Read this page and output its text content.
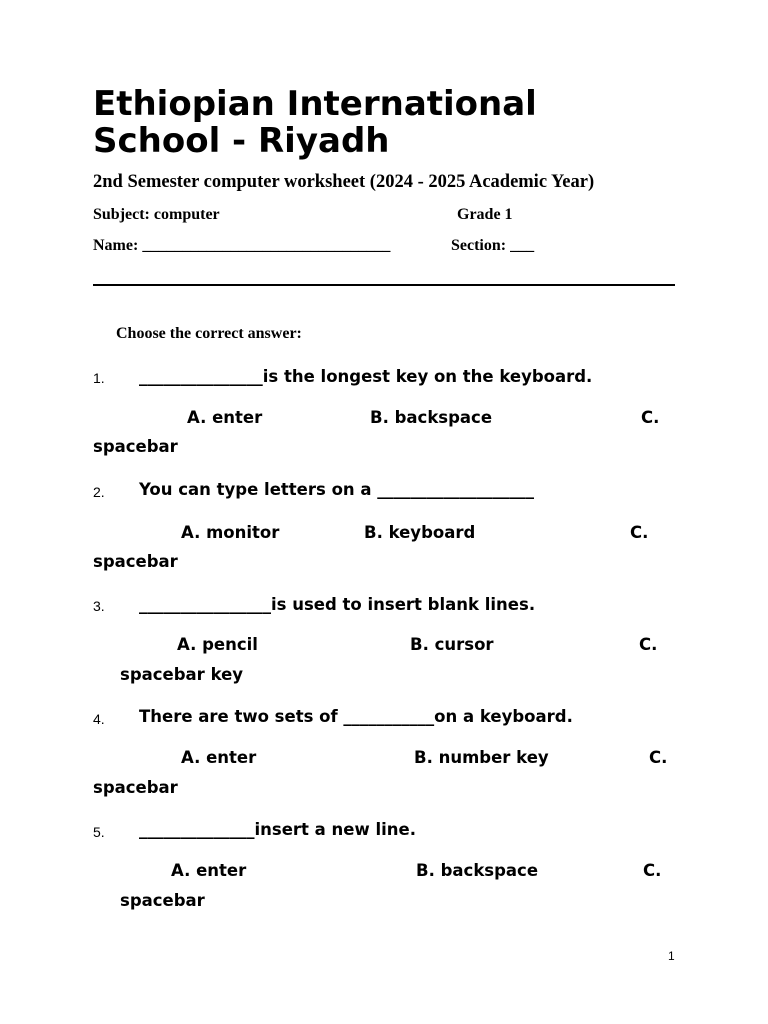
Ethiopian International School - Riyadh
2nd Semester computer worksheet (2024 - 2025 Academic Year)
Subject: computer	Grade 1
Name: _______________________________	Section: ___
Choose the correct answer:
1. _______________is the longest key on the keyboard.
A. enter	B. backspace	C.
spacebar
2. You can type letters on a ___________________
A. monitor	B. keyboard	C.
spacebar
3. ________________is used to insert blank lines.
A. pencil	B. cursor	C.
spacebar key
4. There are two sets of ___________on a keyboard.
A. enter	B. number key	C.
spacebar
5. ______________insert a new line.
A. enter	B. backspace	C.
spacebar
1
